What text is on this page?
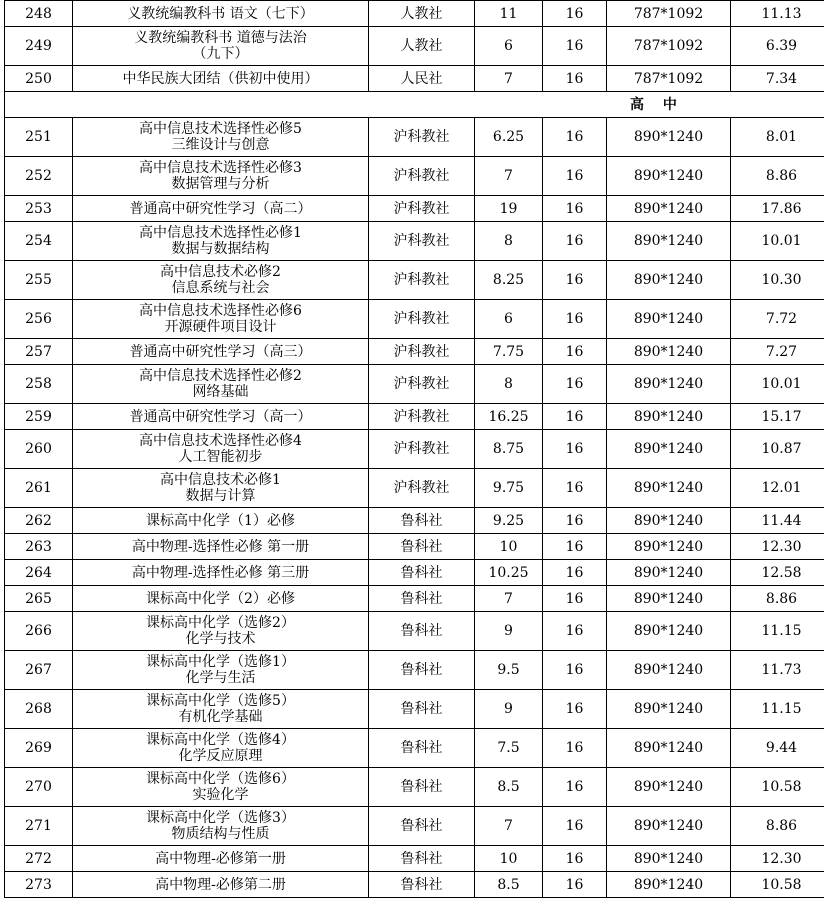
248	义教统编教科书 语文（七下）	人教社	11	16	787*1092	11.13
249	义教统编教科书 道德与法治
（九下）	人教社	6	16	787*1092	6.39
250	中华民族大团结（供初中使用）	人民社	7	16	787*1092	7.34
高 中						
251	高中信息技术选择性必修5
三维设计与创意	沪科教社	6.25	16	890*1240	8.01
252	高中信息技术选择性必修3
数据管理与分析	沪科教社	7	16	890*1240	8.86
253	普通高中研究性学习（高二）	沪科教社	19	16	890*1240	17.86
254	高中信息技术选择性必修1
数据与数据结构	沪科教社	8	16	890*1240	10.01
255	高中信息技术必修2
信息系统与社会	沪科教社	8.25	16	890*1240	10.30
256	高中信息技术选择性必修6
开源硬件项目设计	沪科教社	6	16	890*1240	7.72
257	普通高中研究性学习（高三）	沪科教社	7.75	16	890*1240	7.27
258	高中信息技术选择性必修2
网络基础	沪科教社	8	16	890*1240	10.01
259	普通高中研究性学习（高一）	沪科教社	16.25	16	890*1240	15.17
260	高中信息技术选择性必修4
人工智能初步	沪科教社	8.75	16	890*1240	10.87
261	高中信息技术必修1
数据与计算	沪科教社	9.75	16	890*1240	12.01
262	课标高中化学（1）必修	鲁科社	9.25	16	890*1240	11.44
263	高中物理-选择性必修 第一册	鲁科社	10	16	890*1240	12.30
264	高中物理-选择性必修 第三册	鲁科社	10.25	16	890*1240	12.58
265	课标高中化学（2）必修	鲁科社	7	16	890*1240	8.86
266	课标高中化学（选修2）
化学与技术	鲁科社	9	16	890*1240	11.15
267	课标高中化学（选修1）
化学与生活	鲁科社	9.5	16	890*1240	11.73
268	课标高中化学（选修5）
有机化学基础	鲁科社	9	16	890*1240	11.15
269	课标高中化学（选修4）
化学反应原理	鲁科社	7.5	16	890*1240	9.44
270	课标高中化学（选修6）
实验化学	鲁科社	8.5	16	890*1240	10.58
271	课标高中化学（选修3）
物质结构与性质	鲁科社	7	16	890*1240	8.86
272	高中物理-必修第一册	鲁科社	10	16	890*1240	12.30
273	高中物理-必修第二册	鲁科社	8.5	16	890*1240	10.58
